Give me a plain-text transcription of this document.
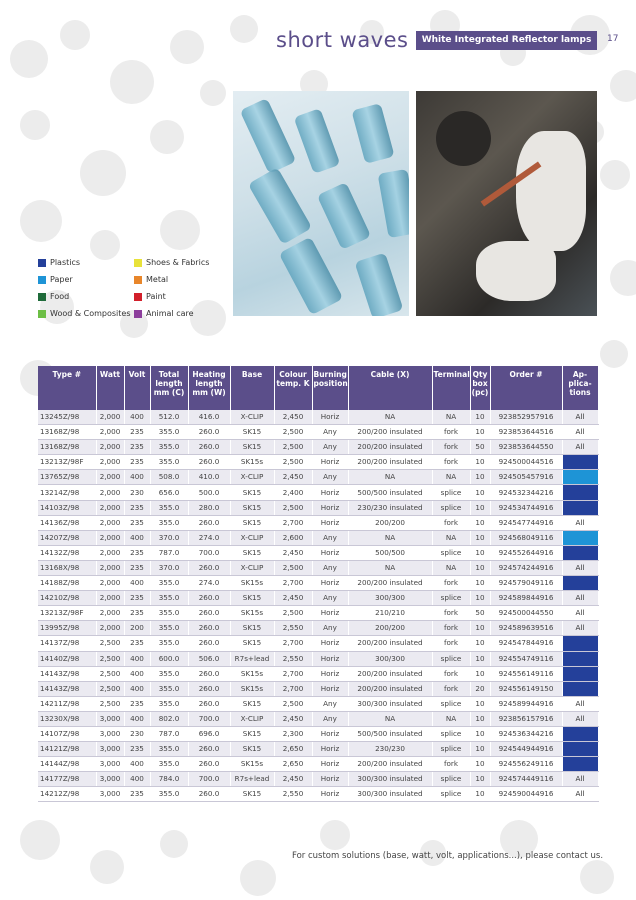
short waves	White Integrated Reflector lamps	17
Plastics	Shoes & Fabrics
Paper	Metal
Food	Paint
Wood & Composites	Animal care
Type #	Watt	Volt	Total length mm (C)	Heating length mm (W)	Base	Colour temp. K	Burning position	Cable (X)	Terminal	Qty box (pc)	Order #	Ap-plica-tions
13245Z/98	2,000	400	512.0	416.0	X-CLIP	2,450	Horiz	NA	NA	10	923852957916	All
13168Z/98	2,000	235	355.0	260.0	SK15	2,500	Any	200/200 insulated	fork	10	923853644516	All
13168Z/98	2,000	235	355.0	260.0	SK15	2,500	Any	200/200 insulated	fork	50	923853644550	All
13213Z/98F	2,000	235	355.0	260.0	SK15s	2,500	Horiz	200/200 insulated	fork	10	924500044516	
13765Z/98	2,000	400	508.0	410.0	X-CLIP	2,450	Any	NA	NA	10	924505457916	
13214Z/98	2,000	230	656.0	500.0	SK15	2,400	Horiz	500/500 insulated	splice	10	924532344216	
14103Z/98	2,000	235	355.0	280.0	SK15	2,500	Horiz	230/230 insulated	splice	10	924534744916	
14136Z/98	2,000	235	355.0	260.0	SK15	2,700	Horiz	200/200	fork	10	924547744916	All
14207Z/98	2,000	400	370.0	274.0	X-CLIP	2,600	Any	NA	NA	10	924568049116	
14132Z/98	2,000	235	787.0	700.0	SK15	2,450	Horiz	500/500	splice	10	924552644916	
13168X/98	2,000	235	370.0	260.0	X-CLIP	2,500	Any	NA	NA	10	924574244916	All
14188Z/98	2,000	400	355.0	274.0	SK15s	2,700	Horiz	200/200 insulated	fork	10	924579049116	
14210Z/98	2,000	235	355.0	260.0	SK15	2,450	Any	300/300	splice	10	924589844916	All
13213Z/98F	2,000	235	355.0	260.0	SK15s	2,500	Horiz	210/210	fork	50	924500044550	All
13995Z/98	2,000	200	355.0	260.0	SK15	2,550	Any	200/200	fork	10	924589639516	All
14137Z/98	2,500	235	355.0	260.0	SK15	2,700	Horiz	200/200 insulated	fork	10	924547844916	
14140Z/98	2,500	400	600.0	506.0	R7s+lead	2,550	Horiz	300/300	splice	10	924554749116	
14143Z/98	2,500	400	355.0	260.0	SK15s	2,700	Horiz	200/200 insulated	fork	10	924556149116	
14143Z/98	2,500	400	355.0	260.0	SK15s	2,700	Horiz	200/200 insulated	fork	20	924556149150	
14211Z/98	2,500	235	355.0	260.0	SK15	2,500	Any	300/300 insulated	splice	10	924589944916	All
13230X/98	3,000	400	802.0	700.0	X-CLIP	2,450	Any	NA	NA	10	923856157916	All
14107Z/98	3,000	230	787.0	696.0	SK15	2,300	Horiz	500/500 insulated	splice	10	924536344216	
14121Z/98	3,000	235	355.0	260.0	SK15	2,650	Horiz	230/230	splice	10	924544944916	
14144Z/98	3,000	400	355.0	260.0	SK15s	2,650	Horiz	200/200 insulated	fork	10	924556249116	
14177Z/98	3,000	400	784.0	700.0	R7s+lead	2,450	Horiz	300/300 insulated	splice	10	924574449116	All
14212Z/98	3,000	235	355.0	260.0	SK15	2,550	Horiz	300/300 insulated	splice	10	924590044916	All
For custom solutions (base, watt, volt, applications...), please contact us.
